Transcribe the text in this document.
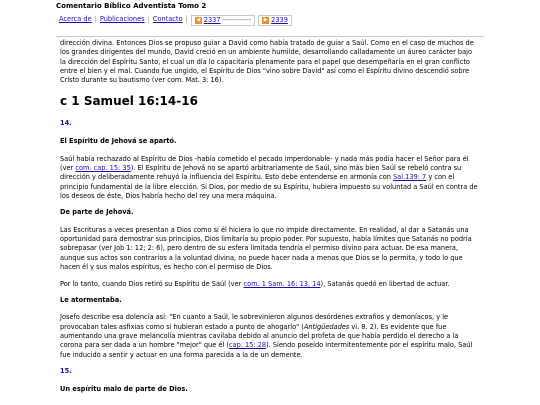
Comentario Bíblico Adventista Tomo 2
Acerca de | Publicaciones | Contacto |	◀ 2337 ------------	▶ 2339

dirección divina. Entonces Dios se propuso guiar a David como había tratado de guiar a Saúl. Como en el caso de muchos de los grandes dirigentes del mundo, David creció en un ambiente humilde, desarrollando calladamente un áureo carácter bajo la dirección del Espíritu Santo, el cual un día lo capacitaría plenamente para el papel que desempeñaría en el gran conflicto entre el bien y el mal. Cuando fue ungido, el Espíritu de Dios "vino sobre David" así como el Espíritu divino descendió sobre Cristo durante su bautismo (ver com. Mat. 3: 16).

c 1 Samuel 16:14-16
14.
El Espíritu de Jehová se apartó.

Saúl había rechazado al Espíritu de Dios -había cometido el pecado imperdonable- y nada más podía hacer el Señor para él (ver com. cap. 15: 35). El Espíritu de Jehová no se apartó arbitrariamente de Saúl, sino más bien Saúl se rebeló contra su dirección y deliberadamente rehuyó la influencia del Espíritu. Esto debe entenderse en armonía con Sal.139: 7 y con el principio fundamental de la libre elección. Si Dios, por medio de su Espíritu, hubiera impuesto su voluntad a Saúl en contra de los deseos de éste, Dios habría hecho del rey una mera máquina.

De parte de Jehová.

Las Escrituras a veces presentan a Dios como si él hiciera lo que no impide directamente. En realidad, al dar a Satanás una oportunidad para demostrar sus principios, Dios limitaría su propio poder. Por supuesto, había límites que Satanás no podría sobrepasar (ver Job 1: 12; 2: 6), pero dentro de su esfera limitada tendría el permiso divino para actuar. De esa manera, aunque sus actos son contrarios a la voluntad divina, no puede hacer nada a menos que Dios se lo permita, y todo lo que hacen él y sus malos espíritus, es hecho con el permiso de Dios.

Por lo tanto, cuando Dios retiró su Espíritu de Saúl (ver com. 1 Sam. 16: 13, 14), Satanás quedó en libertad de actuar.

Le atormentaba.

Josefo describe esa dolencia así: "En cuanto a Saúl, le sobrevinieron algunos desórdenes extraños y demoníacos, y le provocaban tales asfixias como si hubieran estado a punto de ahogarlo" (Antigüedades vi. 8. 2). Es evidente que fue aumentando una grave melancolía mientras cavilaba debido al anuncio del profeta de que había perdido el derecho a la corona para ser dada a un hombre "mejor" que él (cap. 15: 28). Siendo poseído intermitentemente por el espíritu malo, Saúl fue inducido a sentir y actuar en una forma parecida a la de un demente.

15.
Un espíritu malo de parte de Dios.
